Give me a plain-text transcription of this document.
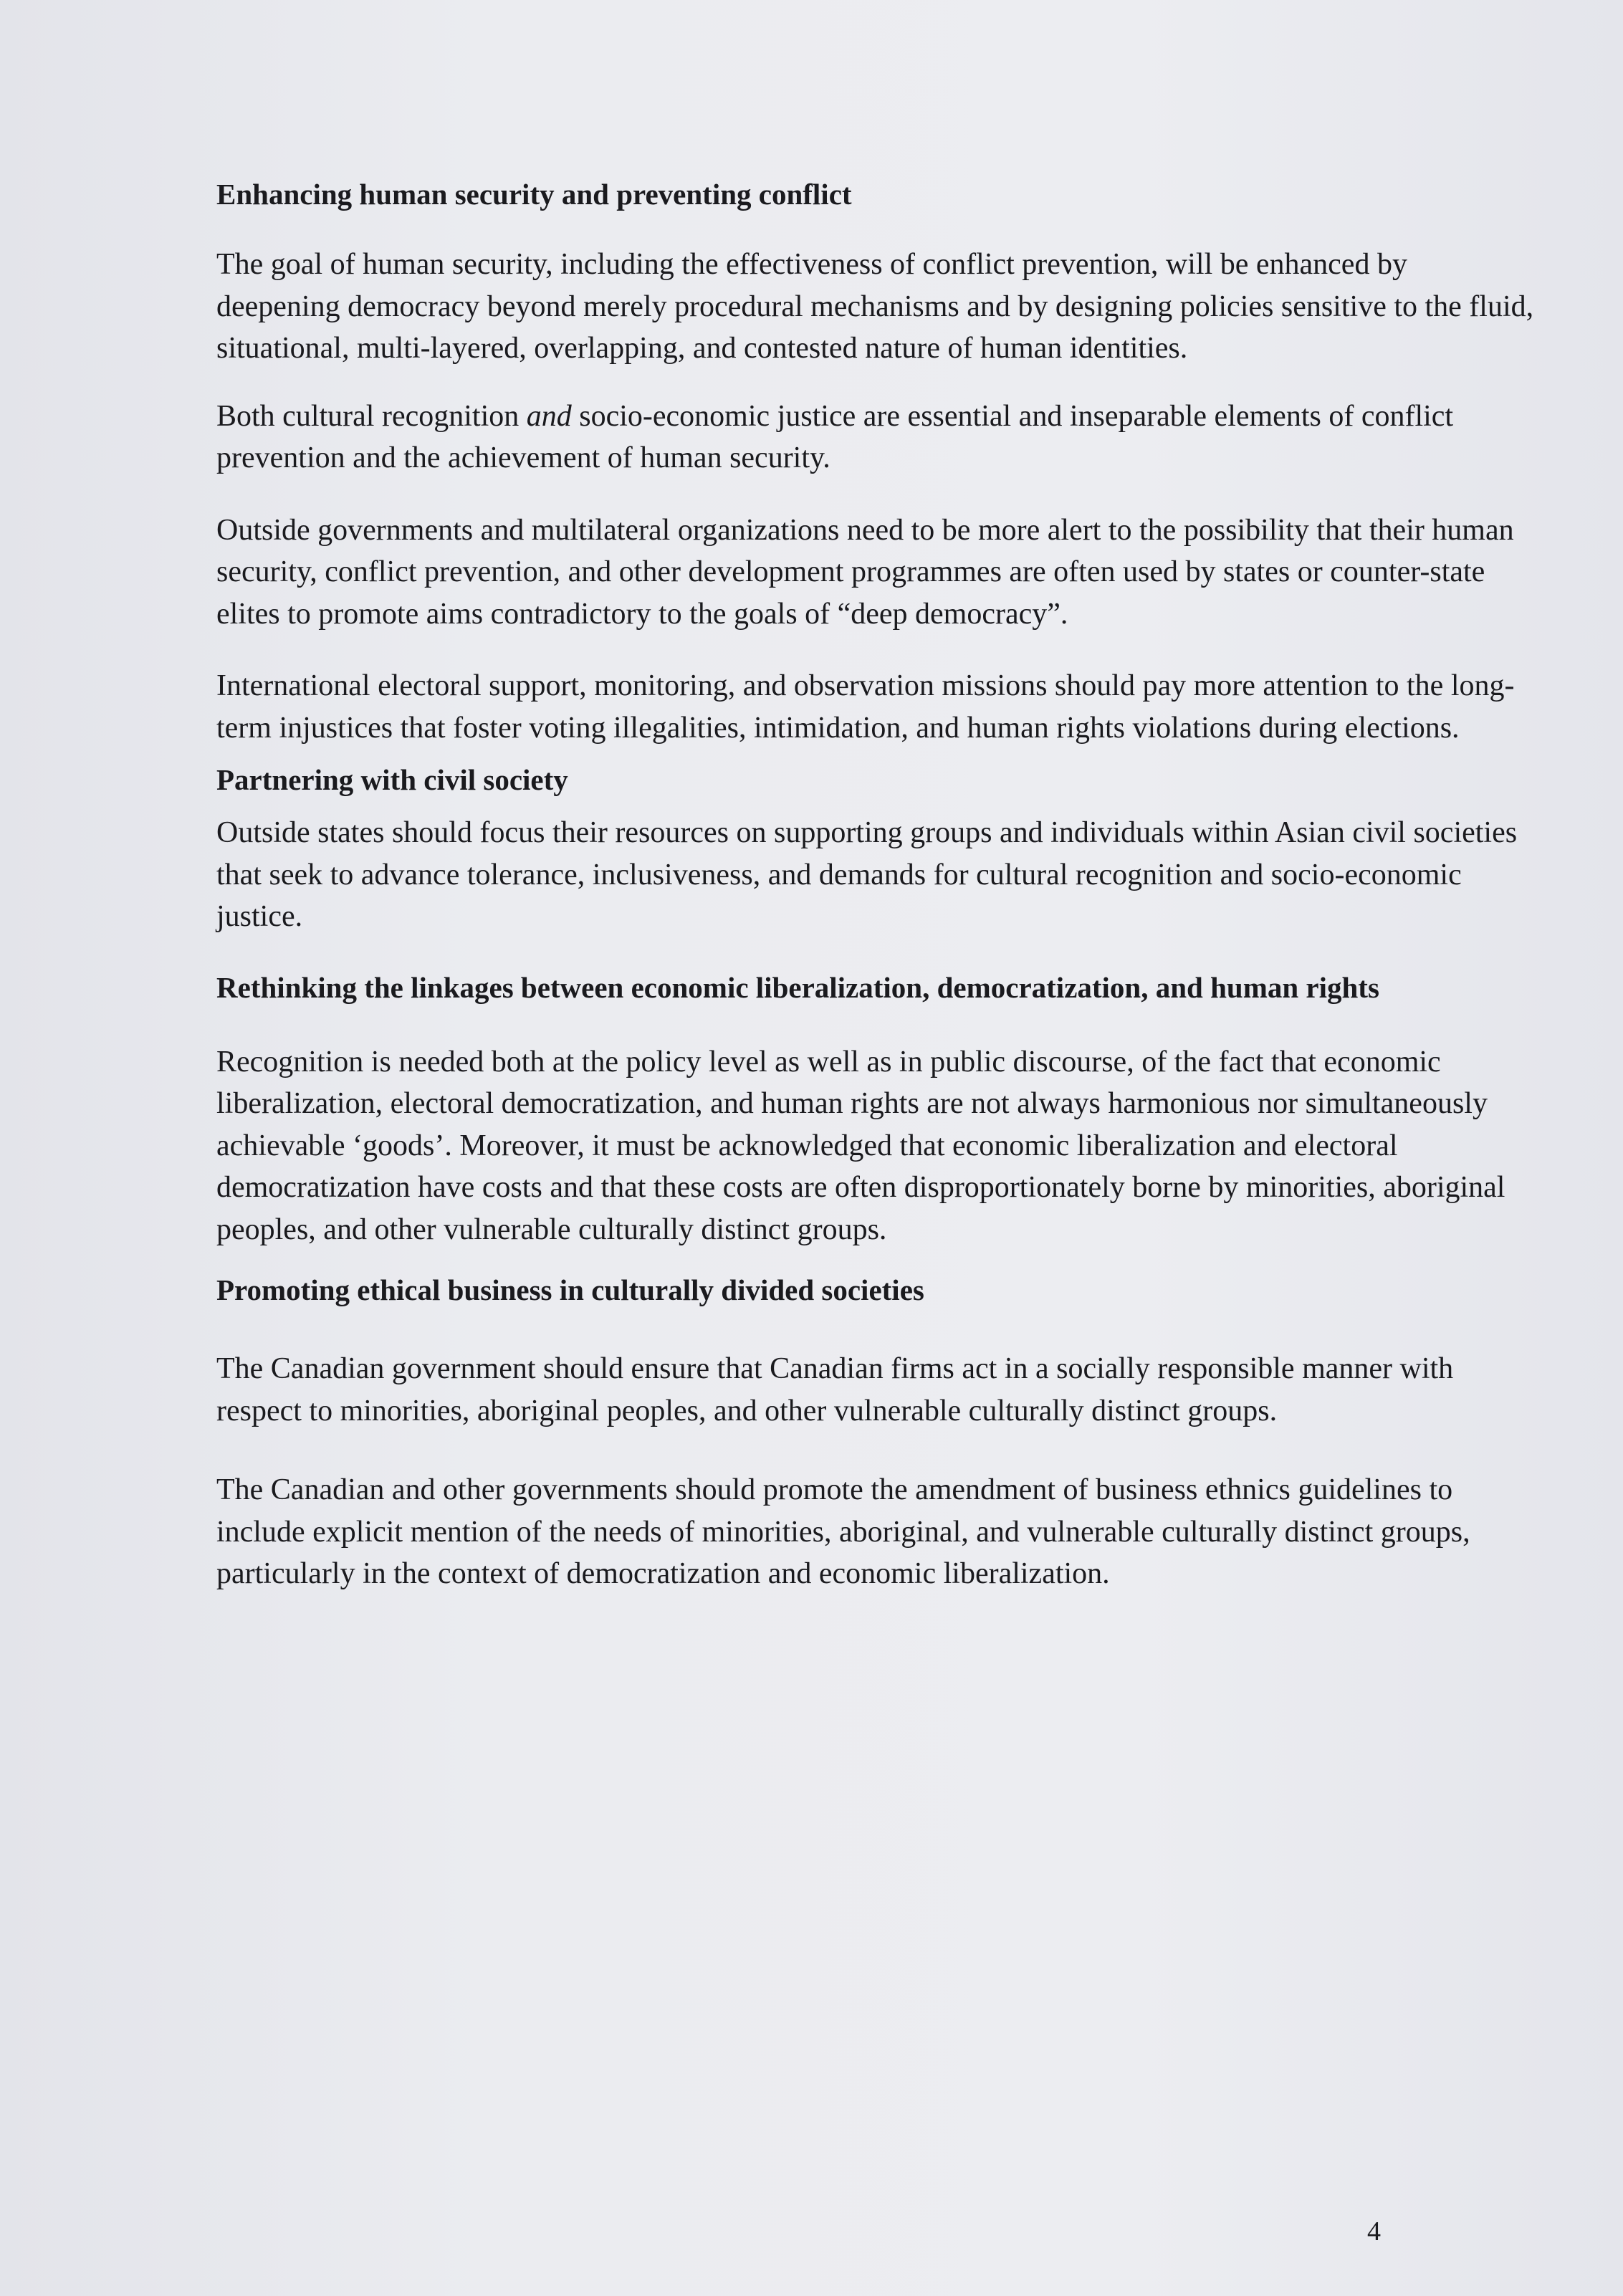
Enhancing human security and preventing conflict

The goal of human security, including the effectiveness of conflict prevention, will be enhanced by deepening democracy beyond merely procedural mechanisms and by designing policies sensitive to the fluid, situational, multi-layered, overlapping, and contested nature of human identities.

Both cultural recognition and socio-economic justice are essential and inseparable elements of conflict prevention and the achievement of human security.

Outside governments and multilateral organizations need to be more alert to the possibility that their human security, conflict prevention, and other development programmes are often used by states or counter-state elites to promote aims contradictory to the goals of “deep democracy”.

International electoral support, monitoring, and observation missions should pay more attention to the long-term injustices that foster voting illegalities, intimidation, and human rights violations during elections.

Partnering with civil society

Outside states should focus their resources on supporting groups and individuals within Asian civil societies that seek to advance tolerance, inclusiveness, and demands for cultural recognition and socio-economic justice.

Rethinking the linkages between economic liberalization, democratization, and human rights

Recognition is needed both at the policy level as well as in public discourse, of the fact that economic liberalization, electoral democratization, and human rights are not always harmonious nor simultaneously achievable ‘goods’. Moreover, it must be acknowledged that economic liberalization and electoral democratization have costs and that these costs are often disproportionately borne by minorities, aboriginal peoples, and other vulnerable culturally distinct groups.

Promoting ethical business in culturally divided societies

The Canadian government should ensure that Canadian firms act in a socially responsible manner with respect to minorities, aboriginal peoples, and other vulnerable culturally distinct groups.

The Canadian and other governments should promote the amendment of business ethnics guidelines to include explicit mention of the needs of minorities, aboriginal, and vulnerable culturally distinct groups, particularly in the context of democratization and economic liberalization.

4
